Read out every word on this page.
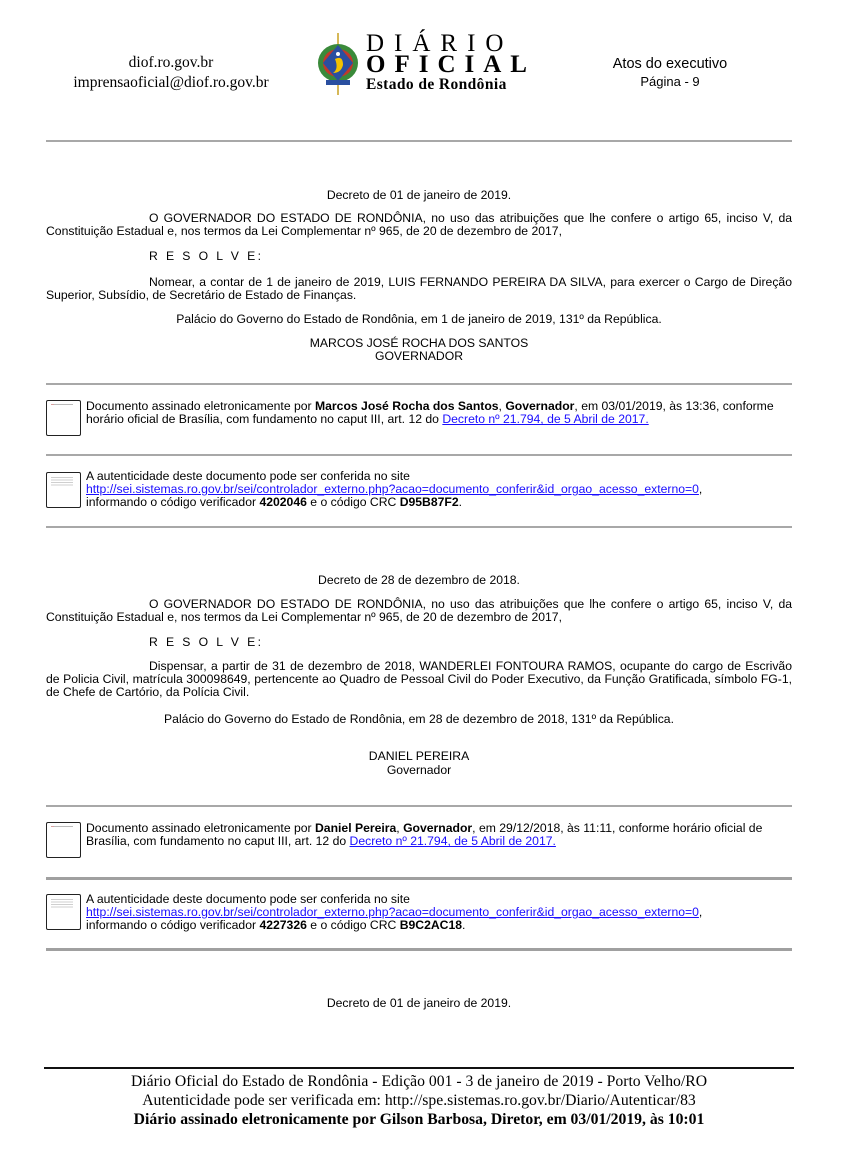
diof.ro.gov.br
imprensaoficial@diof.ro.gov.br
DIÁRIO
OFICIAL
Estado de Rondônia
Atos do executivo
Página - 9
Decreto de 01 de janeiro de 2019.
O GOVERNADOR DO ESTADO DE RONDÔNIA, no uso das atribuições que lhe confere o artigo 65, inciso V, da Constituição Estadual e, nos termos da Lei Complementar nº 965, de 20 de dezembro de 2017,
R E S O L V E:
Nomear, a contar de 1 de janeiro de 2019, LUIS FERNANDO PEREIRA DA SILVA, para exercer o Cargo de Direção Superior, Subsídio, de Secretário de Estado de Finanças.
Palácio do Governo do Estado de Rondônia, em 1 de janeiro de 2019, 131º da República.
MARCOS JOSÉ ROCHA DOS SANTOS
GOVERNADOR
Documento assinado eletronicamente por Marcos José Rocha dos Santos, Governador, em 03/01/2019, às 13:36, conforme horário oficial de Brasília, com fundamento no caput III, art. 12 do Decreto nº 21.794, de 5 Abril de 2017.
A autenticidade deste documento pode ser conferida no site
http://sei.sistemas.ro.gov.br/sei/controlador_externo.php?acao=documento_conferir&id_orgao_acesso_externo=0,
informando o código verificador 4202046 e o código CRC D95B87F2.
Decreto de 28 de dezembro de 2018.
O GOVERNADOR DO ESTADO DE RONDÔNIA, no uso das atribuições que lhe confere o artigo 65, inciso V, da Constituição Estadual e, nos termos da Lei Complementar nº 965, de 20 de dezembro de 2017,
R E S O L V E:
Dispensar, a partir de 31 de dezembro de 2018, WANDERLEI FONTOURA RAMOS, ocupante do cargo de Escrivão de Policia Civil, matrícula 300098649, pertencente ao Quadro de Pessoal Civil do Poder Executivo, da Função Gratificada, símbolo FG-1, de Chefe de Cartório, da Polícia Civil.
Palácio do Governo do Estado de Rondônia, em 28 de dezembro de 2018, 131º da República.
DANIEL PEREIRA
Governador
Documento assinado eletronicamente por Daniel Pereira, Governador, em 29/12/2018, às 11:11, conforme horário oficial de Brasília, com fundamento no caput III, art. 12 do Decreto nº 21.794, de 5 Abril de 2017.
A autenticidade deste documento pode ser conferida no site
http://sei.sistemas.ro.gov.br/sei/controlador_externo.php?acao=documento_conferir&id_orgao_acesso_externo=0,
informando o código verificador 4227326 e o código CRC B9C2AC18.
Decreto de 01 de janeiro de 2019.
Diário Oficial do Estado de Rondônia - Edição 001 - 3 de janeiro de 2019 - Porto Velho/RO
Autenticidade pode ser verificada em: http://spe.sistemas.ro.gov.br/Diario/Autenticar/83
Diário assinado eletronicamente por Gilson Barbosa, Diretor, em 03/01/2019, às 10:01
